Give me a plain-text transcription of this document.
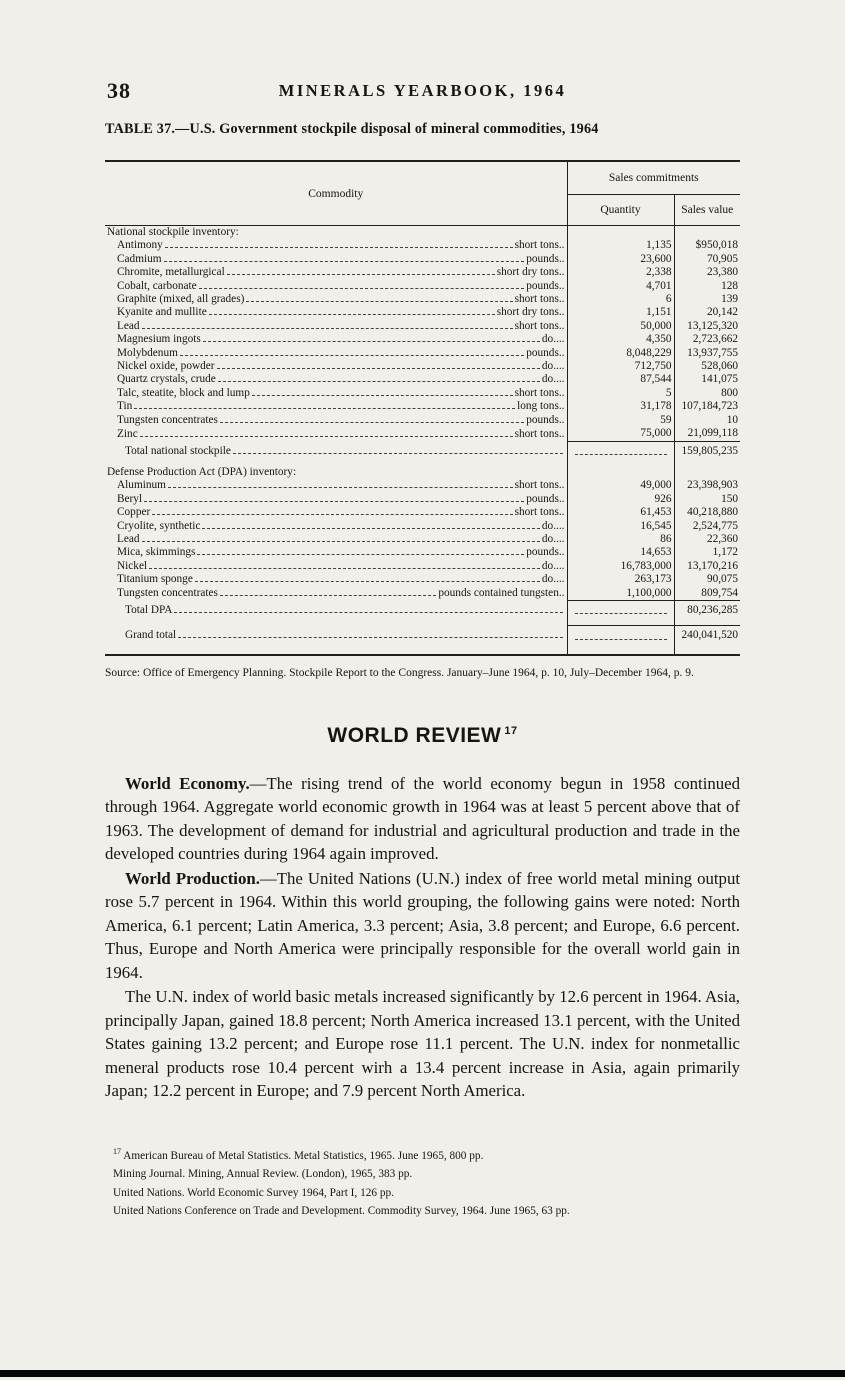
38	MINERALS YEARBOOK, 1964
TABLE 37.—U.S. Government stockpile disposal of mineral commodities, 1964
Commodity	Sales commitments	
	Quantity	Sales value
National stockpile inventory:		

Antimony short tons..	1,135	$950,018

Cadmium pounds..	23,600	70,905

Chromite, metallurgical short dry tons..	2,338	23,380

Cobalt, carbonate pounds..	4,701	128

Graphite (mixed, all grades) short tons..	6	139

Kyanite and mullite short dry tons..	1,151	20,142

Lead short tons..	50,000	13,125,320

Magnesium ingots do....	4,350	2,723,662

Molybdenum pounds..	8,048,229	13,937,755

Nickel oxide, powder do....	712,750	528,060

Quartz crystals, crude do....	87,544	141,075

Talc, steatite, block and lump short tons..	5	800

Tin long tons..	31,178	107,184,723

Tungsten concentrates pounds..	59	10

Zinc short tons..	75,000	21,099,118

Total national stockpile		159,805,235

Defense Production Act (DPA) inventory:		

Aluminum short tons..	49,000	23,398,903

Beryl pounds..	926	150

Copper short tons..	61,453	40,218,880

Cryolite, synthetic do....	16,545	2,524,775

Lead do....	86	22,360

Mica, skimmings pounds..	14,653	1,172

Nickel do....	16,783,000	13,170,216

Titanium sponge do....	263,173	90,075

Tungsten concentrates pounds contained tungsten..	1,100,000	809,754

Total DPA		80,236,285

Grand total		240,041,520

Source: Office of Emergency Planning. Stockpile Report to the Congress. January–June 1964, p. 10, July–December 1964, p. 9.
WORLD REVIEW $^{17}$

World Economy.—The rising trend of the world economy begun in 1958 continued through 1964. Aggregate world economic growth in 1964 was at least 5 percent above that of 1963. The development of demand for industrial and agricultural production and trade in the developed countries during 1964 again improved.

World Production.—The United Nations (U.N.) index of free world metal mining output rose 5.7 percent in 1964. Within this world grouping, the following gains were noted: North America, 6.1 percent; Latin America, 3.3 percent; Asia, 3.8 percent; and Europe, 6.6 percent. Thus, Europe and North America were principally responsible for the overall world gain in 1964.

The U.N. index of world basic metals increased significantly by 12.6 percent in 1964. Asia, principally Japan, gained 18.8 percent; North America increased 13.1 percent, with the United States gaining 13.2 percent; and Europe rose 11.1 percent. The U.N. index for nonmetallic meneral products rose 10.4 percent wirh a 13.4 percent increase in Asia, again primarily Japan; 12.2 percent in Europe; and 7.9 percent North America.

$^{17}$ American Bureau of Metal Statistics. Metal Statistics, 1965. June 1965, 800 pp.
Mining Journal. Mining, Annual Review. (London), 1965, 383 pp.
United Nations. World Economic Survey 1964, Part I, 126 pp.
United Nations Conference on Trade and Development. Commodity Survey, 1964. June 1965, 63 pp.
